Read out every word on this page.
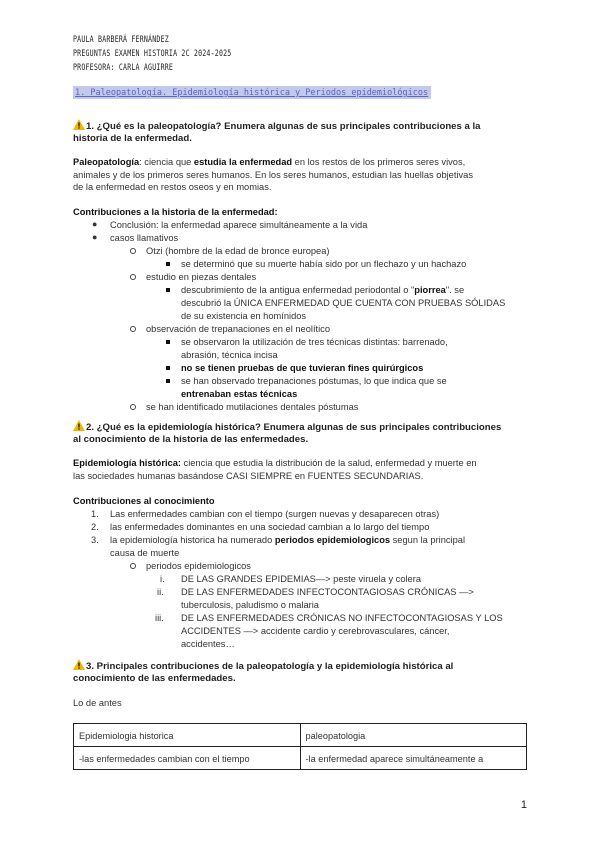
PAULA BARBERÁ FERNÁNDEZ
PREGUNTAS EXAMEN HISTORIA 2C 2024-2025
PROFESORA: CARLA AGUIRRE
1. Paleopatología. Epidemiología histórica y Periodos epidemiológicos
1. ¿Qué es la paleopatología? Enumera algunas de sus principales contribuciones a la
historia de la enfermedad.
Paleopatología: ciencia que estudia la enfermedad en los restos de los primeros seres vivos,
animales y de los primeros seres humanos. En los seres humanos, estudian las huellas objetivas
de la enfermedad en restos oseos y en momias.
Contribuciones a la historia de la enfermedad:
● Conclusión: la enfermedad aparece simultáneamente a la vida
● casos llamativos
Otzi (hombre de la edad de bronce europea)
se determinó que su muerte había sido por un flechazo y un hachazo
estudio en piezas dentales
descubrimiento de la antigua enfermedad periodontal o "piorrea". se
descubrió la ÚNICA ENFERMEDAD QUE CUENTA CON PRUEBAS SÓLIDAS
de su existencia en homínidos
observación de trepanaciones en el neolítico
se observaron la utilización de tres técnicas distintas: barrenado,
abrasión, técnica incisa
no se tienen pruebas de que tuvieran fines quirúrgicos
se han observado trepanaciones póstumas, lo que indica que se
entrenaban estas técnicas
se han identificado mutilaciones dentales póstumas
2. ¿Qué es la epidemiología histórica? Enumera algunas de sus principales contribuciones
al conocimiento de la historia de las enfermedades.
Epidemiología histórica: ciencia que estudia la distribución de la salud, enfermedad y muerte en
las sociedades humanas basándose CASI SIEMPRE en FUENTES SECUNDARIAS.
Contribuciones al conocimiento
1. Las enfermedades cambian con el tiempo (surgen nuevas y desaparecen otras)
2. las enfermedades dominantes en una sociedad cambian a lo largo del tiempo
3. la epidemiología historica ha numerado periodos epidemiologicos segun la principal
causa de muerte
periodos epidemiologicos
i. DE LAS GRANDES EPIDEMIAS—> peste viruela y colera
ii. DE LAS ENFERMEDADES INFECTOCONTAGIOSAS CRÓNICAS —>
tuberculosis, paludismo o malaria
iii. DE LAS ENFERMEDADES CRÓNICAS NO INFECTOCONTAGIOSAS Y LOS
ACCIDENTES —> accidente cardio y cerebrovasculares, cáncer,
accidentes…
3. Principales contribuciones de la paleopatología y la epidemiología histórica al
conocimiento de las enfermedades.
Lo de antes
Epidemiologia historica	paleopatologia
-las enfermedades cambian con el tiempo	-la enfermedad aparece simultáneamente a
1
